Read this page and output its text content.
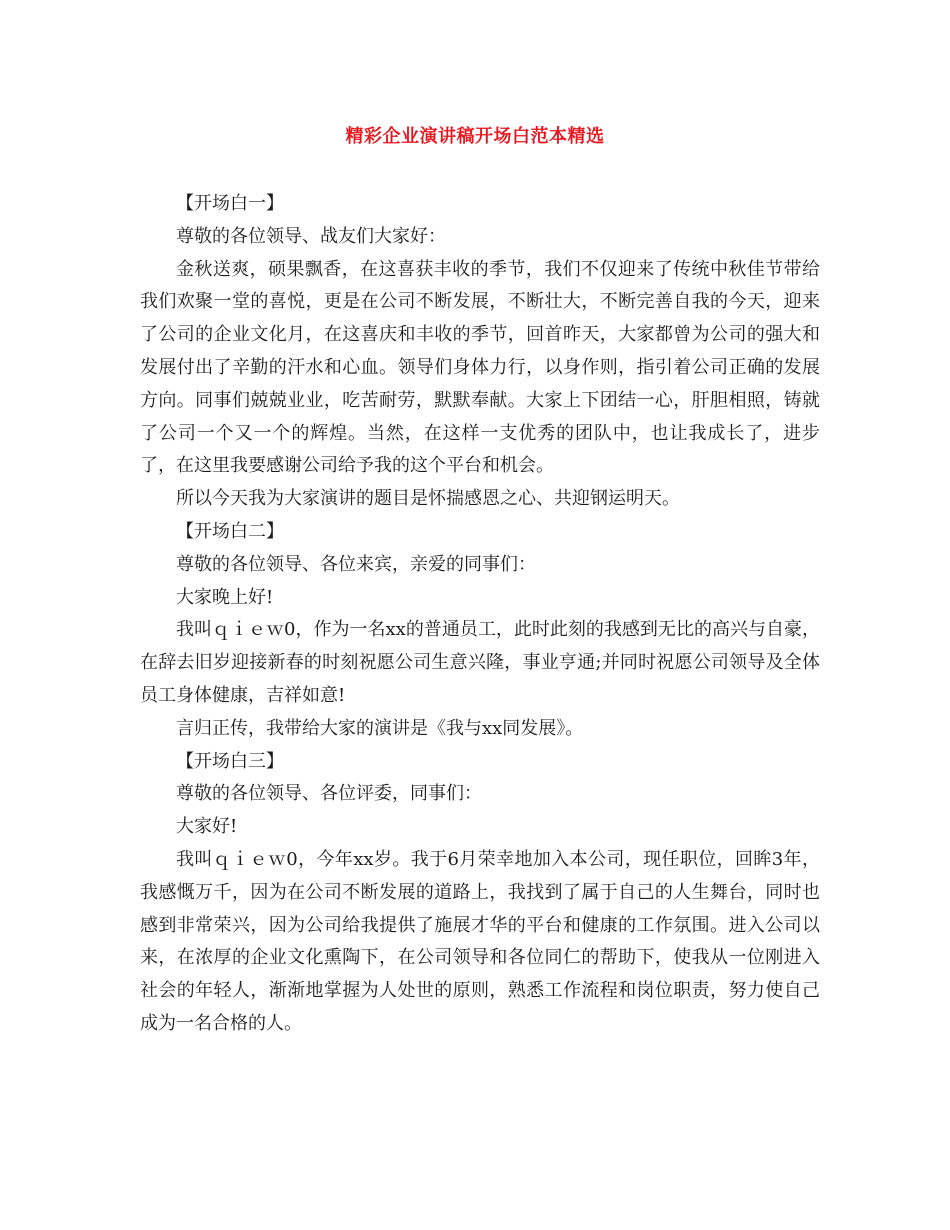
精彩企业演讲稿开场白范本精选

【开场白一】

尊敬的各位领导、战友们大家好：

金秋送爽，硕果飘香，在这喜获丰收的季节，我们不仅迎来了传统中秋佳节带给我们欢聚一堂的喜悦，更是在公司不断发展，不断壮大，不断完善自我的今天，迎来了公司的企业文化月，在这喜庆和丰收的季节，回首昨天，大家都曾为公司的强大和发展付出了辛勤的汗水和心血。领导们身体力行，以身作则，指引着公司正确的发展方向。同事们兢兢业业，吃苦耐劳，默默奉献。大家上下团结一心，肝胆相照，铸就了公司一个又一个的辉煌。当然，在这样一支优秀的团队中，也让我成长了，进步了，在这里我要感谢公司给予我的这个平台和机会。

所以今天我为大家演讲的题目是怀揣感恩之心、共迎钢运明天。

【开场白二】

尊敬的各位领导、各位来宾，亲爱的同事们：

大家晚上好!

我叫ｑｉｅｗ0，作为一名xx的普通员工，此时此刻的我感到无比的高兴与自豪，在辞去旧岁迎接新春的时刻祝愿公司生意兴隆，事业亨通;并同时祝愿公司领导及全体员工身体健康，吉祥如意!

言归正传，我带给大家的演讲是《我与xx同发展》。

【开场白三】

尊敬的各位领导、各位评委，同事们：

大家好!

我叫ｑｉｅｗ0，今年xx岁。我于6月荣幸地加入本公司，现任职位，回眸3年，我感慨万千，因为在公司不断发展的道路上，我找到了属于自己的人生舞台，同时也感到非常荣兴，因为公司给我提供了施展才华的平台和健康的工作氛围。进入公司以来，在浓厚的企业文化熏陶下，在公司领导和各位同仁的帮助下，使我从一位刚进入社会的年轻人，渐渐地掌握为人处世的原则，熟悉工作流程和岗位职责，努力使自己成为一名合格的人。
